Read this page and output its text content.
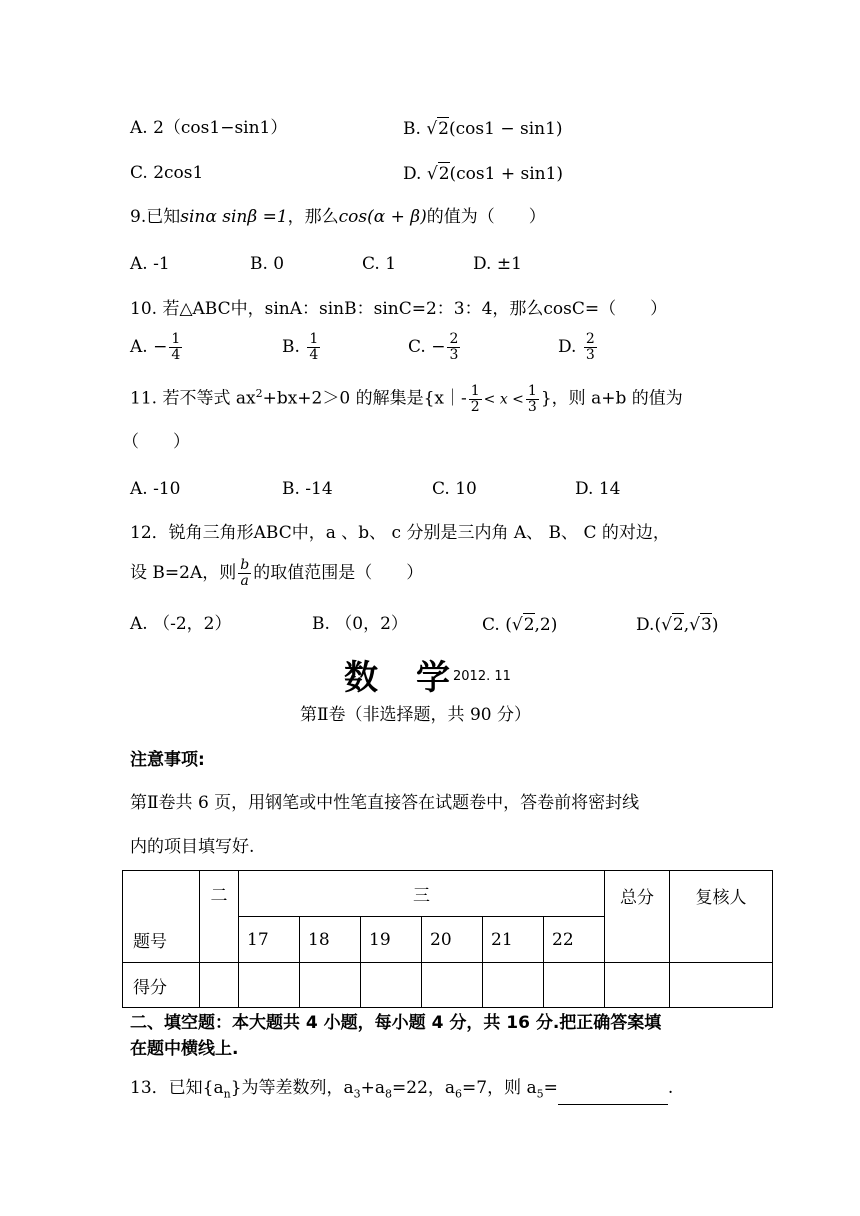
A. 2（cos1−sin1）	B. √2(cos1 − sin1)
C. 2cos1	D. √2(cos1 + sin1)
9.已知sinα sinβ =1，那么cos(α + β)的值为（　　）
A. -1	B. 0	C. 1	D. ±1
10. 若△ABC中，sinA：sinB：sinC=2：3：4，那么cosC=（　　）
A. − $\frac{1}{4}$	B. $\frac{1}{4}$	C. − $\frac{2}{3}$	D. $\frac{2}{3}$
11. 若不等式 $ax^2+bx+2>0$ 的解集是{x｜- $\frac{1}{2} < x < \frac{1}{3}$ }，则 a+b 的值为
（　　）
A. -10	B. -14	C. 10	D. 14
12．锐角三角形ABC中，a 、b、 c 分别是三内角 A、 B、 C 的对边，
设 B=2A，则 $\frac{b}{a}$ 的取值范围是（　　）
A. （-2，2）	B. （0，2）	C. (√2,2)	D.(√2,√3)
数　学 2012. 11
第Ⅱ卷（非选择题，共 90 分）
注意事项:
第Ⅱ卷共 6 页，用钢笔或中性笔直接答在试题卷中，答卷前将密封线
内的项目填写好.
题号	二	三						总分	复核人
		17	18	19	20	21	22		
得分									
二、填空题：本大题共 4 小题，每小题 4 分，共 16 分.把正确答案填
在题中横线上.
13．已知$\{a_n\}$为等差数列，$a_3+a_8=22$，$a_6=7$，则 $a_5=$	.
